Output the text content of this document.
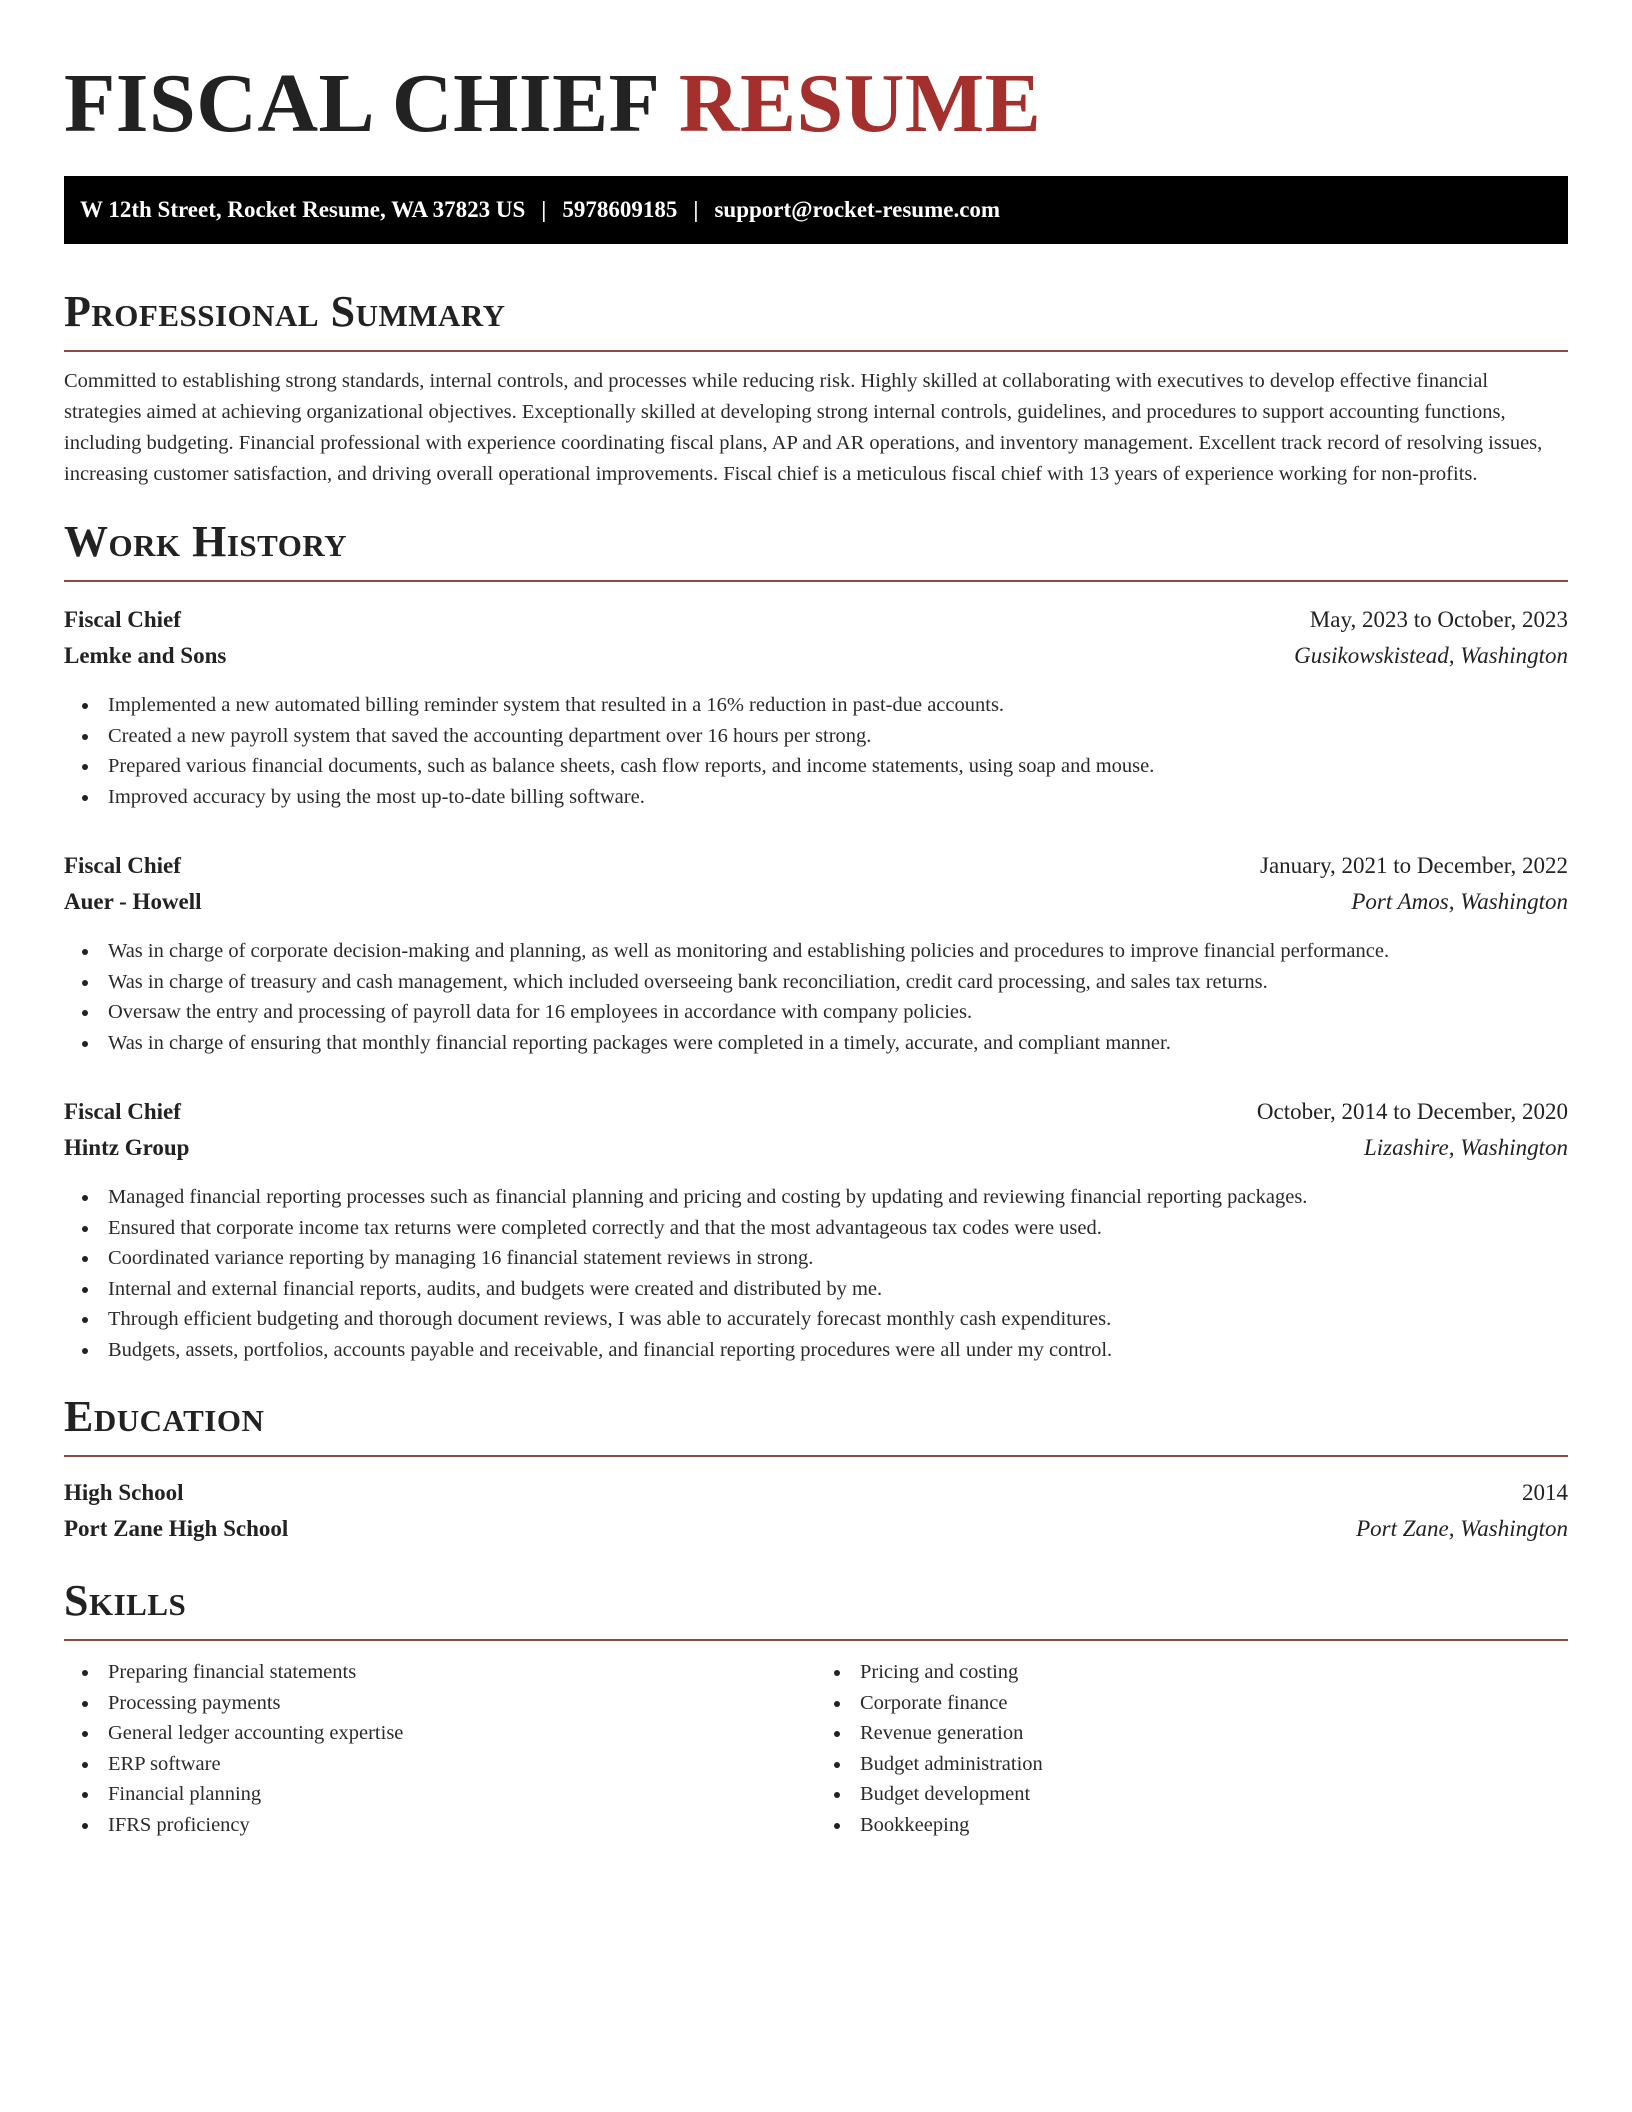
FISCAL CHIEF RESUME
W 12th Street, Rocket Resume, WA 37823 US | 5978609185 | support@rocket-resume.com
Professional Summary

Committed to establishing strong standards, internal controls, and processes while reducing risk. Highly skilled at collaborating with executives to develop effective financial strategies aimed at achieving organizational objectives. Exceptionally skilled at developing strong internal controls, guidelines, and procedures to support accounting functions, including budgeting. Financial professional with experience coordinating fiscal plans, AP and AR operations, and inventory management. Excellent track record of resolving issues, increasing customer satisfaction, and driving overall operational improvements. Fiscal chief is a meticulous fiscal chief with 13 years of experience working for non-profits.

Work History
Fiscal Chief	May, 2023 to October, 2023
Lemke and Sons	Gusikowskistead, Washington
Implemented a new automated billing reminder system that resulted in a 16% reduction in past-due accounts.
Created a new payroll system that saved the accounting department over 16 hours per strong.
Prepared various financial documents, such as balance sheets, cash flow reports, and income statements, using soap and mouse.
Improved accuracy by using the most up-to-date billing software.
Fiscal Chief	January, 2021 to December, 2022
Auer - Howell	Port Amos, Washington
Was in charge of corporate decision-making and planning, as well as monitoring and establishing policies and procedures to improve financial performance.
Was in charge of treasury and cash management, which included overseeing bank reconciliation, credit card processing, and sales tax returns.
Oversaw the entry and processing of payroll data for 16 employees in accordance with company policies.
Was in charge of ensuring that monthly financial reporting packages were completed in a timely, accurate, and compliant manner.
Fiscal Chief	October, 2014 to December, 2020
Hintz Group	Lizashire, Washington
Managed financial reporting processes such as financial planning and pricing and costing by updating and reviewing financial reporting packages.
Ensured that corporate income tax returns were completed correctly and that the most advantageous tax codes were used.
Coordinated variance reporting by managing 16 financial statement reviews in strong.
Internal and external financial reports, audits, and budgets were created and distributed by me.
Through efficient budgeting and thorough document reviews, I was able to accurately forecast monthly cash expenditures.
Budgets, assets, portfolios, accounts payable and receivable, and financial reporting procedures were all under my control.
Education
High School	2014
Port Zane High School	Port Zane, Washington
Skills
Preparing financial statements
Processing payments
General ledger accounting expertise
ERP software
Financial planning
IFRS proficiency
Pricing and costing
Corporate finance
Revenue generation
Budget administration
Budget development
Bookkeeping
